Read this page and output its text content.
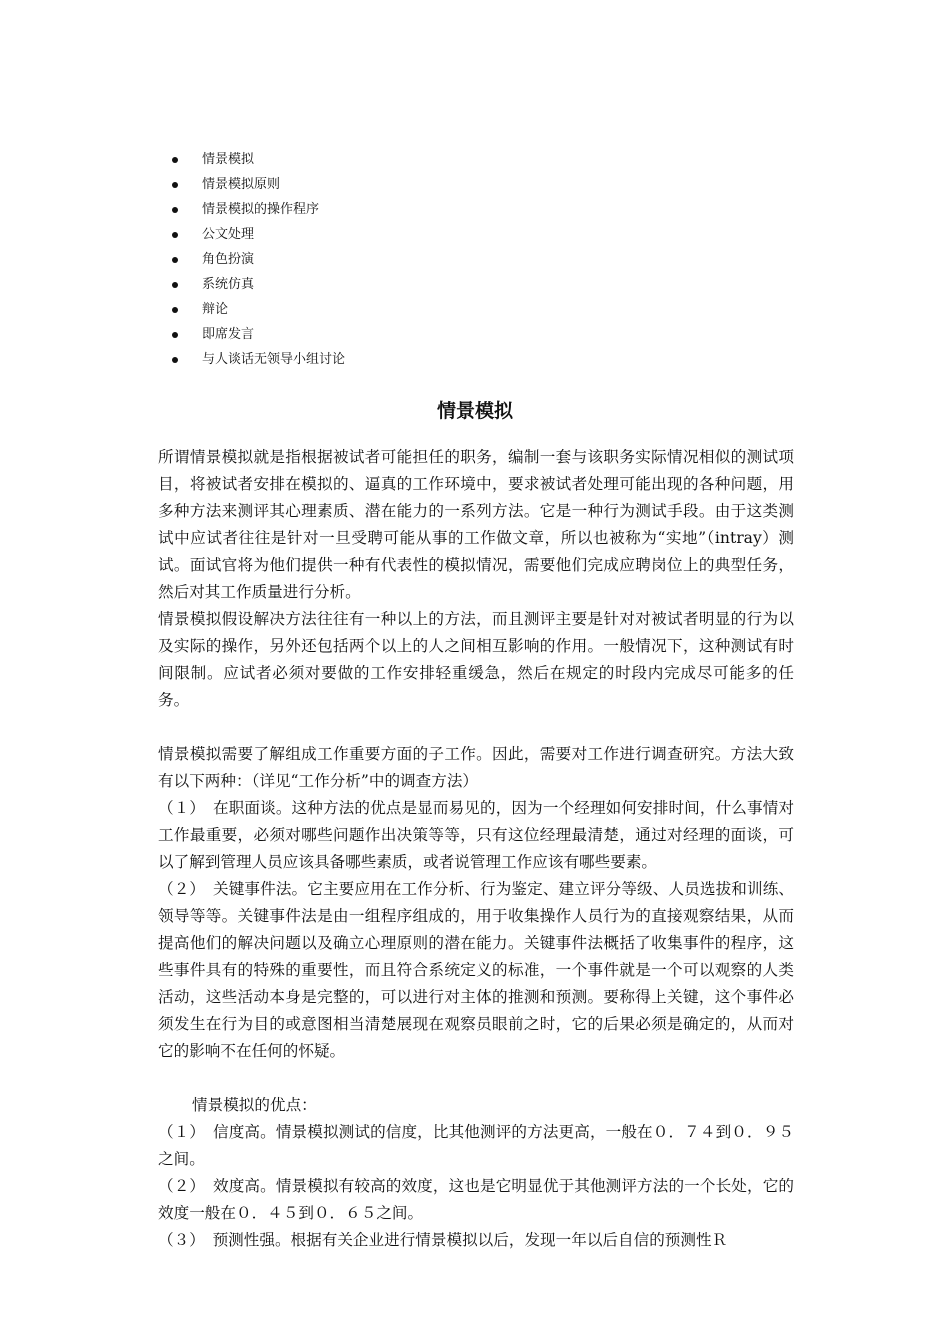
情景模拟
情景模拟原则
情景模拟的操作程序
公文处理
角色扮演
系统仿真
辩论
即席发言
与人谈话无领导小组讨论
情景模拟

所谓情景模拟就是指根据被试者可能担任的职务，编制一套与该职务实际情况相似的测试项目，将被试者安排在模拟的、逼真的工作环境中，要求被试者处理可能出现的各种问题，用多种方法来测评其心理素质、潜在能力的一系列方法。它是一种行为测试手段。由于这类测试中应试者往往是针对一旦受聘可能从事的工作做文章，所以也被称为“实地”（intray）测试。面试官将为他们提供一种有代表性的模拟情况，需要他们完成应聘岗位上的典型任务，然后对其工作质量进行分析。

情景模拟假设解决方法往往有一种以上的方法，而且测评主要是针对对被试者明显的行为以及实际的操作，另外还包括两个以上的人之间相互影响的作用。一般情况下，这种测试有时间限制。应试者必须对要做的工作安排轻重缓急，然后在规定的时段内完成尽可能多的任务。

情景模拟需要了解组成工作重要方面的子工作。因此，需要对工作进行调查研究。方法大致有以下两种：（详见“工作分析”中的调查方法）

（１）　在职面谈。这种方法的优点是显而易见的，因为一个经理如何安排时间，什么事情对工作最重要，必须对哪些问题作出决策等等，只有这位经理最清楚，通过对经理的面谈，可以了解到管理人员应该具备哪些素质，或者说管理工作应该有哪些要素。

（２）　关键事件法。它主要应用在工作分析、行为鉴定、建立评分等级、人员选拔和训练、领导等等。关键事件法是由一组程序组成的，用于收集操作人员行为的直接观察结果，从而提高他们的解决问题以及确立心理原则的潜在能力。关键事件法概括了收集事件的程序，这些事件具有的特殊的重要性，而且符合系统定义的标准，一个事件就是一个可以观察的人类活动，这些活动本身是完整的，可以进行对主体的推测和预测。要称得上关键，这个事件必须发生在行为目的或意图相当清楚展现在观察员眼前之时，它的后果必须是确定的，从而对它的影响不在任何的怀疑。

情景模拟的优点：

（１）　信度高。情景模拟测试的信度，比其他测评的方法更高，一般在０．７４到０．９５之间。

（２）　效度高。情景模拟有较高的效度，这也是它明显优于其他测评方法的一个长处，它的效度一般在０．４５到０．６５之间。

（３）　预测性强。根据有关企业进行情景模拟以后，发现一年以后自信的预测性Ｒ
